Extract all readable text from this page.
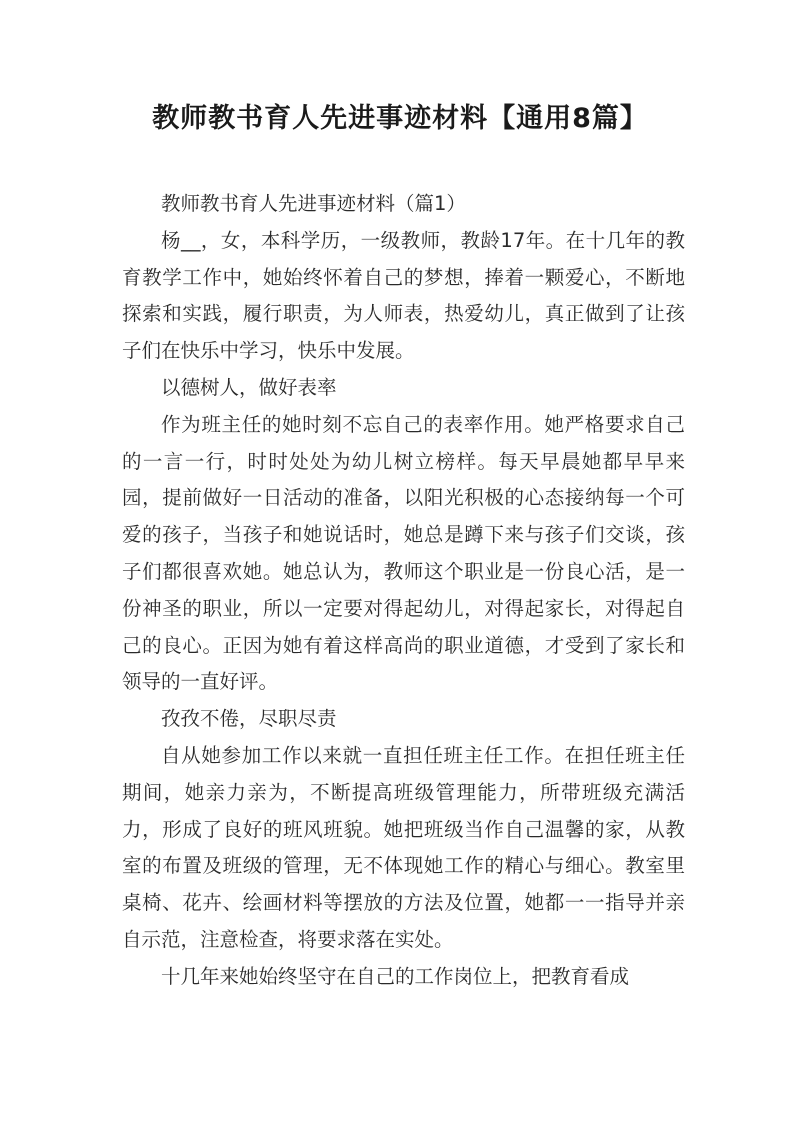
教师教书育人先进事迹材料【通用8篇】

教师教书育人先进事迹材料（篇1）

杨__，女，本科学历，一级教师，教龄17年。在十几年的教育教学工作中，她始终怀着自己的梦想，捧着一颗爱心，不断地探索和实践，履行职责，为人师表，热爱幼儿，真正做到了让孩子们在快乐中学习，快乐中发展。

以德树人，做好表率

作为班主任的她时刻不忘自己的表率作用。她严格要求自己的一言一行，时时处处为幼儿树立榜样。每天早晨她都早早来园，提前做好一日活动的准备，以阳光积极的心态接纳每一个可爱的孩子，当孩子和她说话时，她总是蹲下来与孩子们交谈，孩子们都很喜欢她。她总认为，教师这个职业是一份良心活，是一份神圣的职业，所以一定要对得起幼儿，对得起家长，对得起自己的良心。正因为她有着这样高尚的职业道德，才受到了家长和领导的一直好评。

孜孜不倦，尽职尽责

自从她参加工作以来就一直担任班主任工作。在担任班主任期间，她亲力亲为，不断提高班级管理能力，所带班级充满活力，形成了良好的班风班貌。她把班级当作自己温馨的家，从教室的布置及班级的管理，无不体现她工作的精心与细心。教室里桌椅、花卉、绘画材料等摆放的方法及位置，她都一一指导并亲自示范，注意检查，将要求落在实处。

十几年来她始终坚守在自己的工作岗位上，把教育看成
